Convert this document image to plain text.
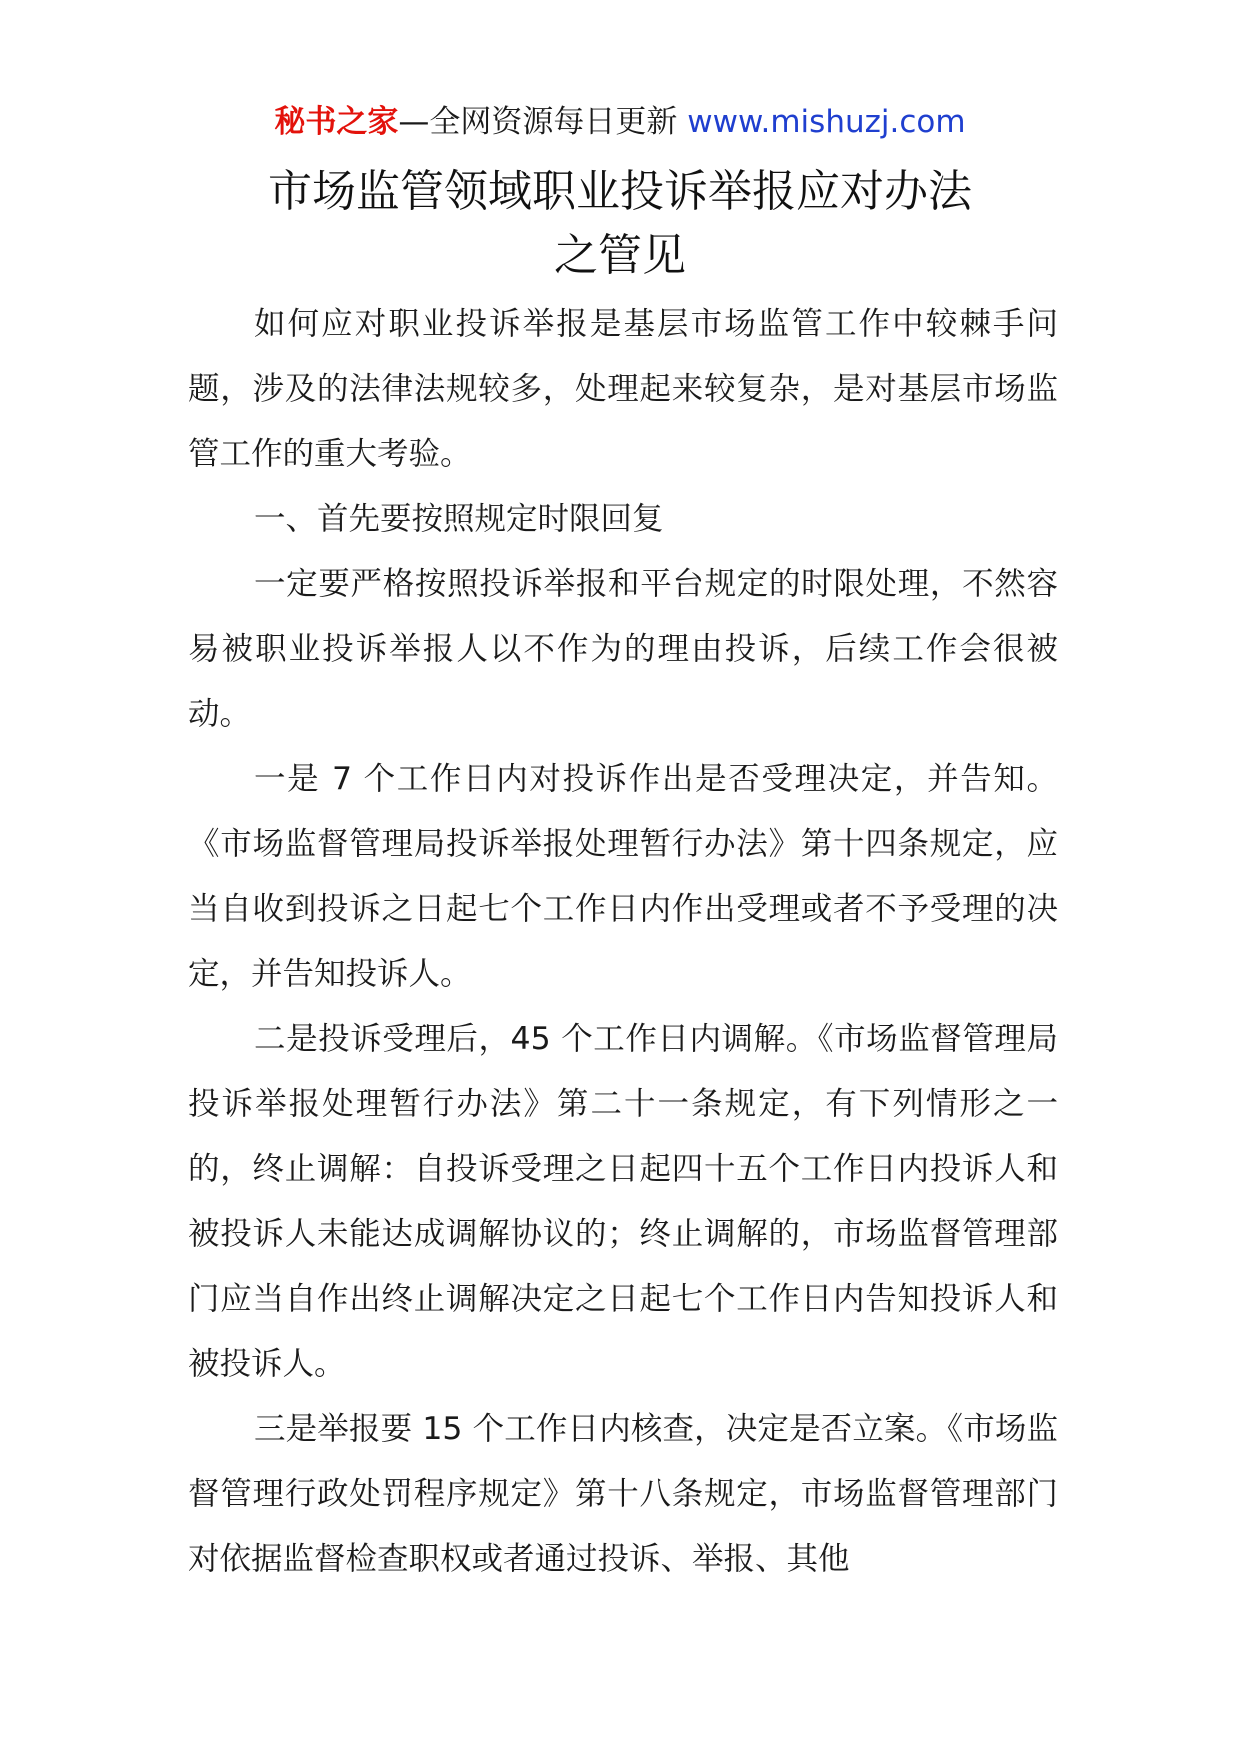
秘书之家—全网资源每日更新 www.mishuzj.com
市场监管领域职业投诉举报应对办法
之管见

如何应对职业投诉举报是基层市场监管工作中较棘手问题，涉及的法律法规较多，处理起来较复杂，是对基层市场监管工作的重大考验。

一、首先要按照规定时限回复

一定要严格按照投诉举报和平台规定的时限处理，不然容易被职业投诉举报人以不作为的理由投诉，后续工作会很被动。

一是 7 个工作日内对投诉作出是否受理决定，并告知。《市场监督管理局投诉举报处理暂行办法》第十四条规定，应当自收到投诉之日起七个工作日内作出受理或者不予受理的决定，并告知投诉人。

二是投诉受理后，45 个工作日内调解。《市场监督管理局投诉举报处理暂行办法》第二十一条规定，有下列情形之一的，终止调解：自投诉受理之日起四十五个工作日内投诉人和被投诉人未能达成调解协议的；终止调解的，市场监督管理部门应当自作出终止调解决定之日起七个工作日内告知投诉人和被投诉人。

三是举报要 15 个工作日内核查，决定是否立案。《市场监督管理行政处罚程序规定》第十八条规定，市场监督管理部门对依据监督检查职权或者通过投诉、举报、其他
